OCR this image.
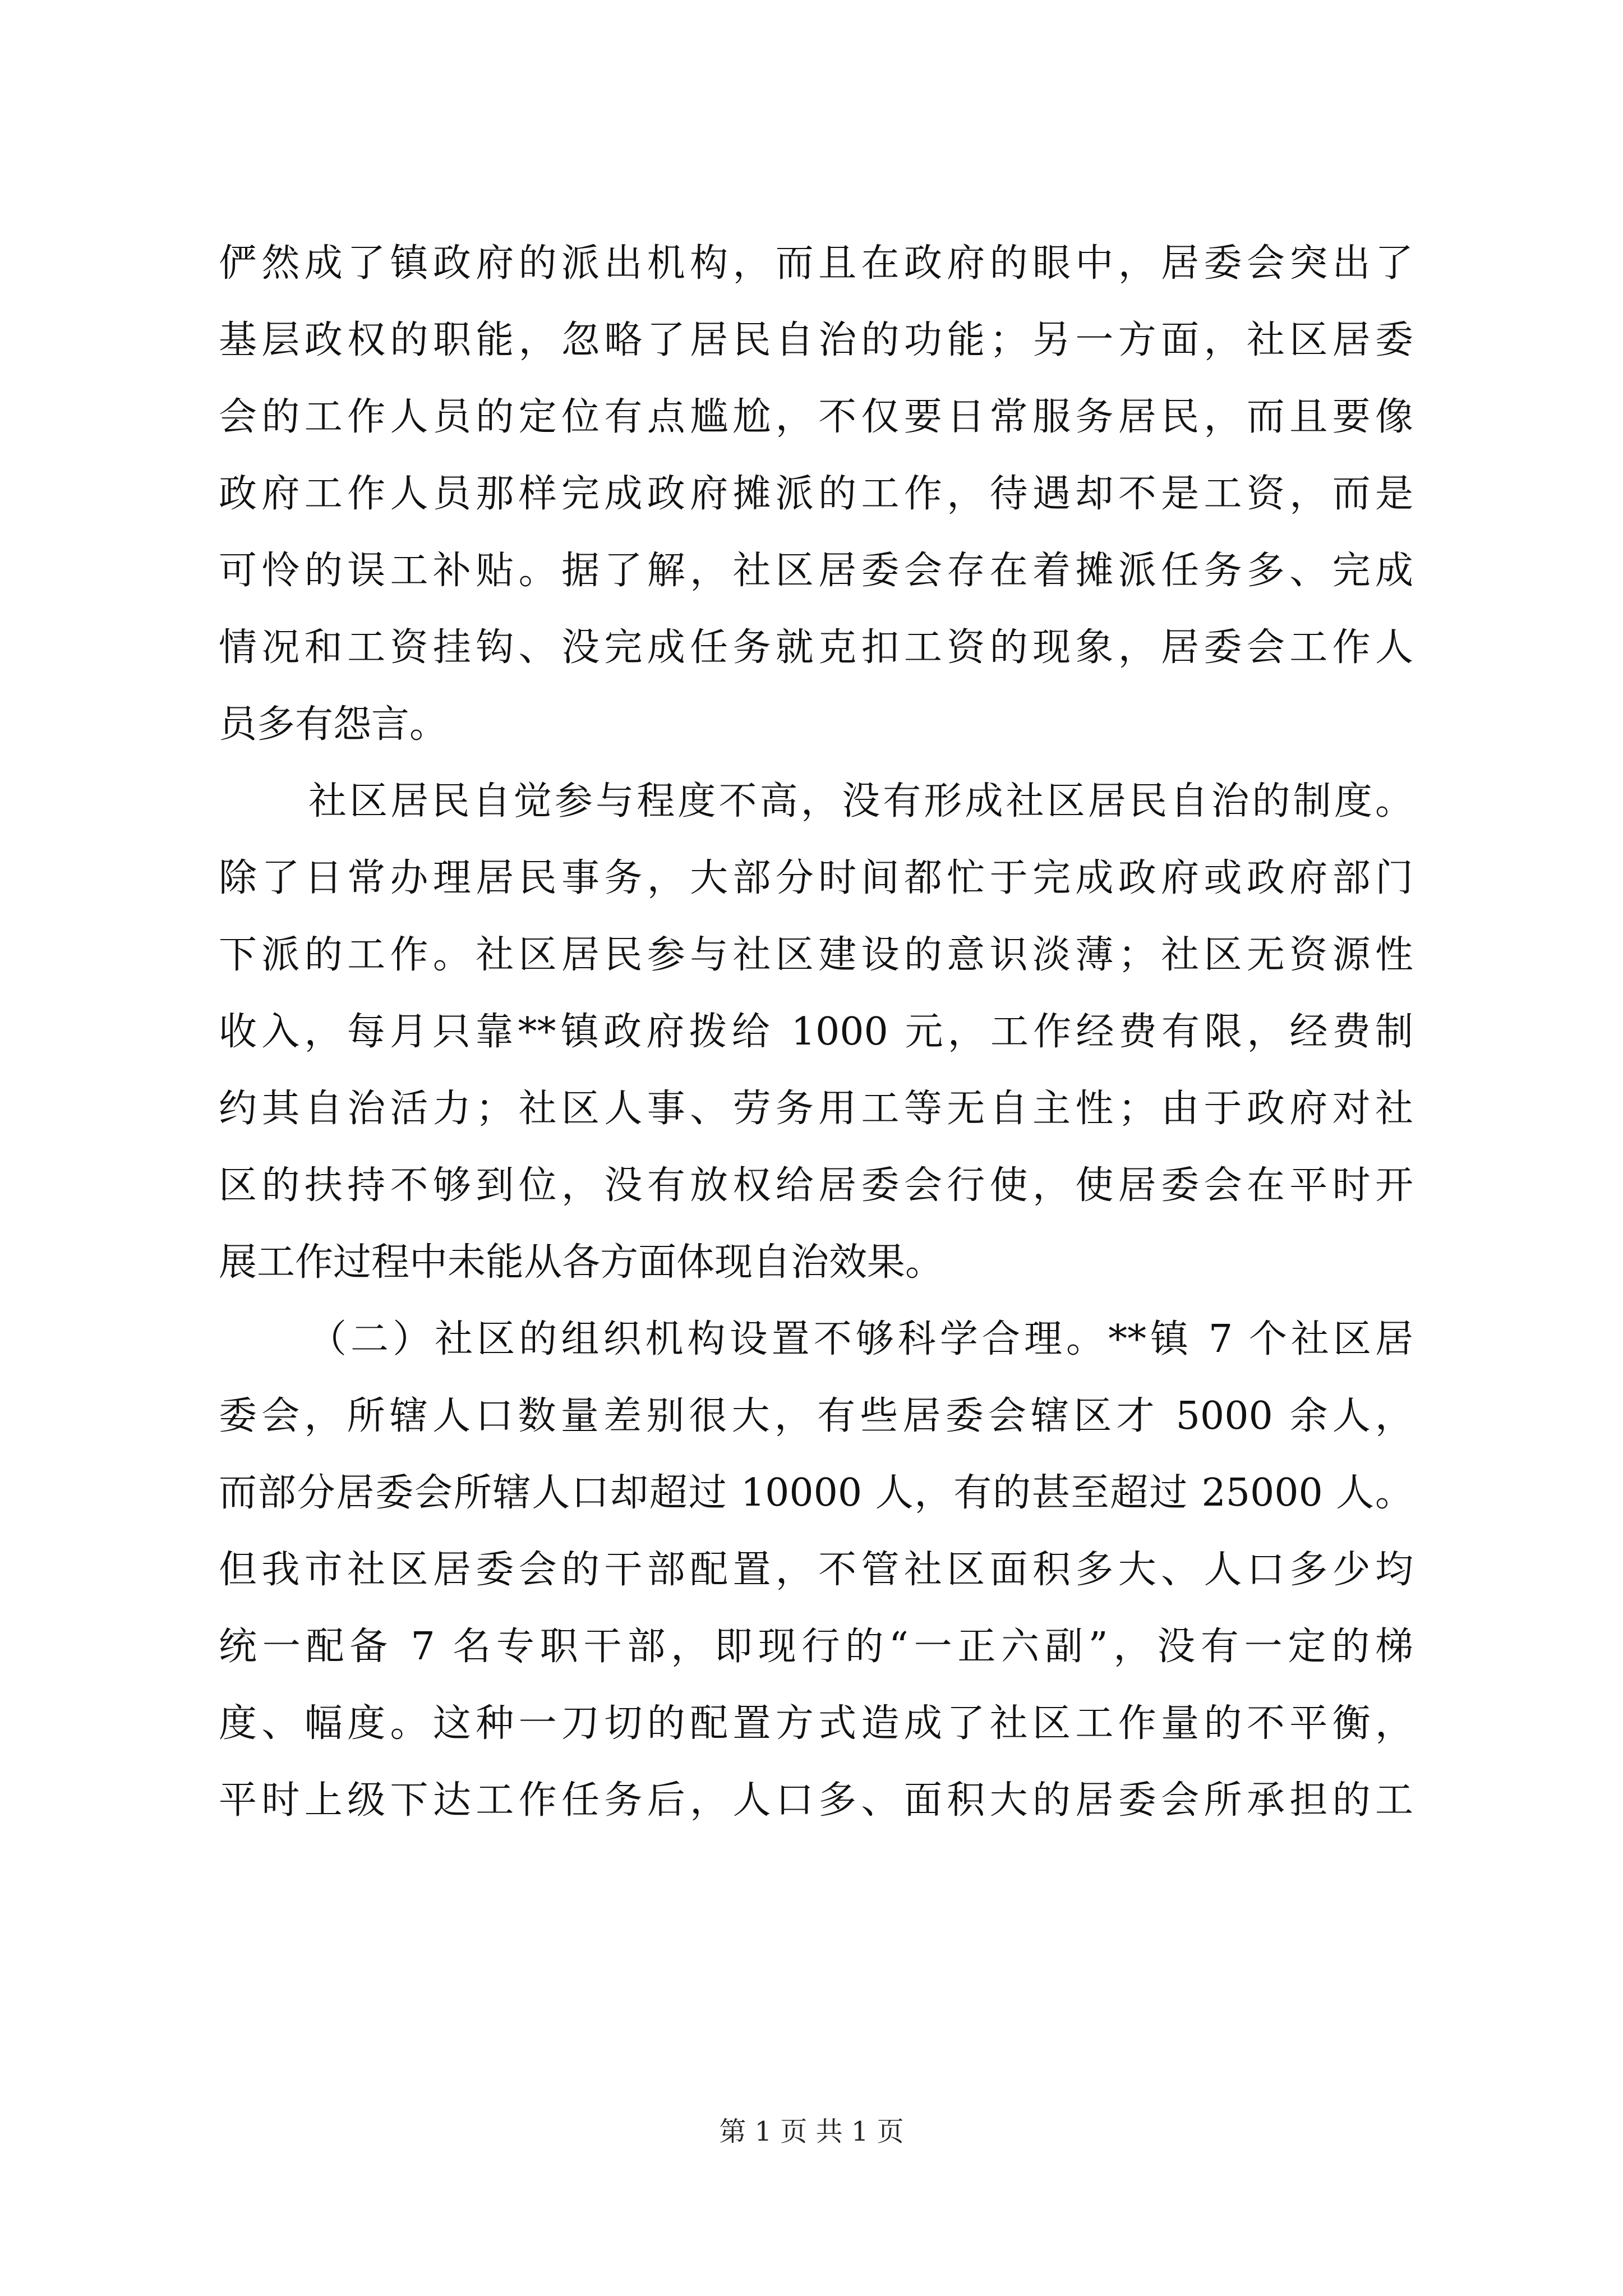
俨然成了镇政府的派出机构，而且在政府的眼中，居委会突出了
基层政权的职能，忽略了居民自治的功能；另一方面，社区居委
会的工作人员的定位有点尴尬，不仅要日常服务居民，而且要像
政府工作人员那样完成政府摊派的工作，待遇却不是工资，而是
可怜的误工补贴。据了解，社区居委会存在着摊派任务多、完成
情况和工资挂钩、没完成任务就克扣工资的现象，居委会工作人
员多有怨言。
社区居民自觉参与程度不高，没有形成社区居民自治的制度。
除了日常办理居民事务，大部分时间都忙于完成政府或政府部门
下派的工作。社区居民参与社区建设的意识淡薄；社区无资源性
收入，每月只靠**镇政府拨给 1000 元，工作经费有限，经费制
约其自治活力；社区人事、劳务用工等无自主性；由于政府对社
区的扶持不够到位，没有放权给居委会行使，使居委会在平时开
展工作过程中未能从各方面体现自治效果。
（二）社区的组织机构设置不够科学合理。**镇 7 个社区居
委会，所辖人口数量差别很大，有些居委会辖区才 5000 余人，
而部分居委会所辖人口却超过 10000 人，有的甚至超过 25000 人。
但我市社区居委会的干部配置，不管社区面积多大、人口多少均
统一配备 7 名专职干部，即现行的“一正六副”，没有一定的梯
度、幅度。这种一刀切的配置方式造成了社区工作量的不平衡，
平时上级下达工作任务后，人口多、面积大的居委会所承担的工
第 1 页 共 1 页
